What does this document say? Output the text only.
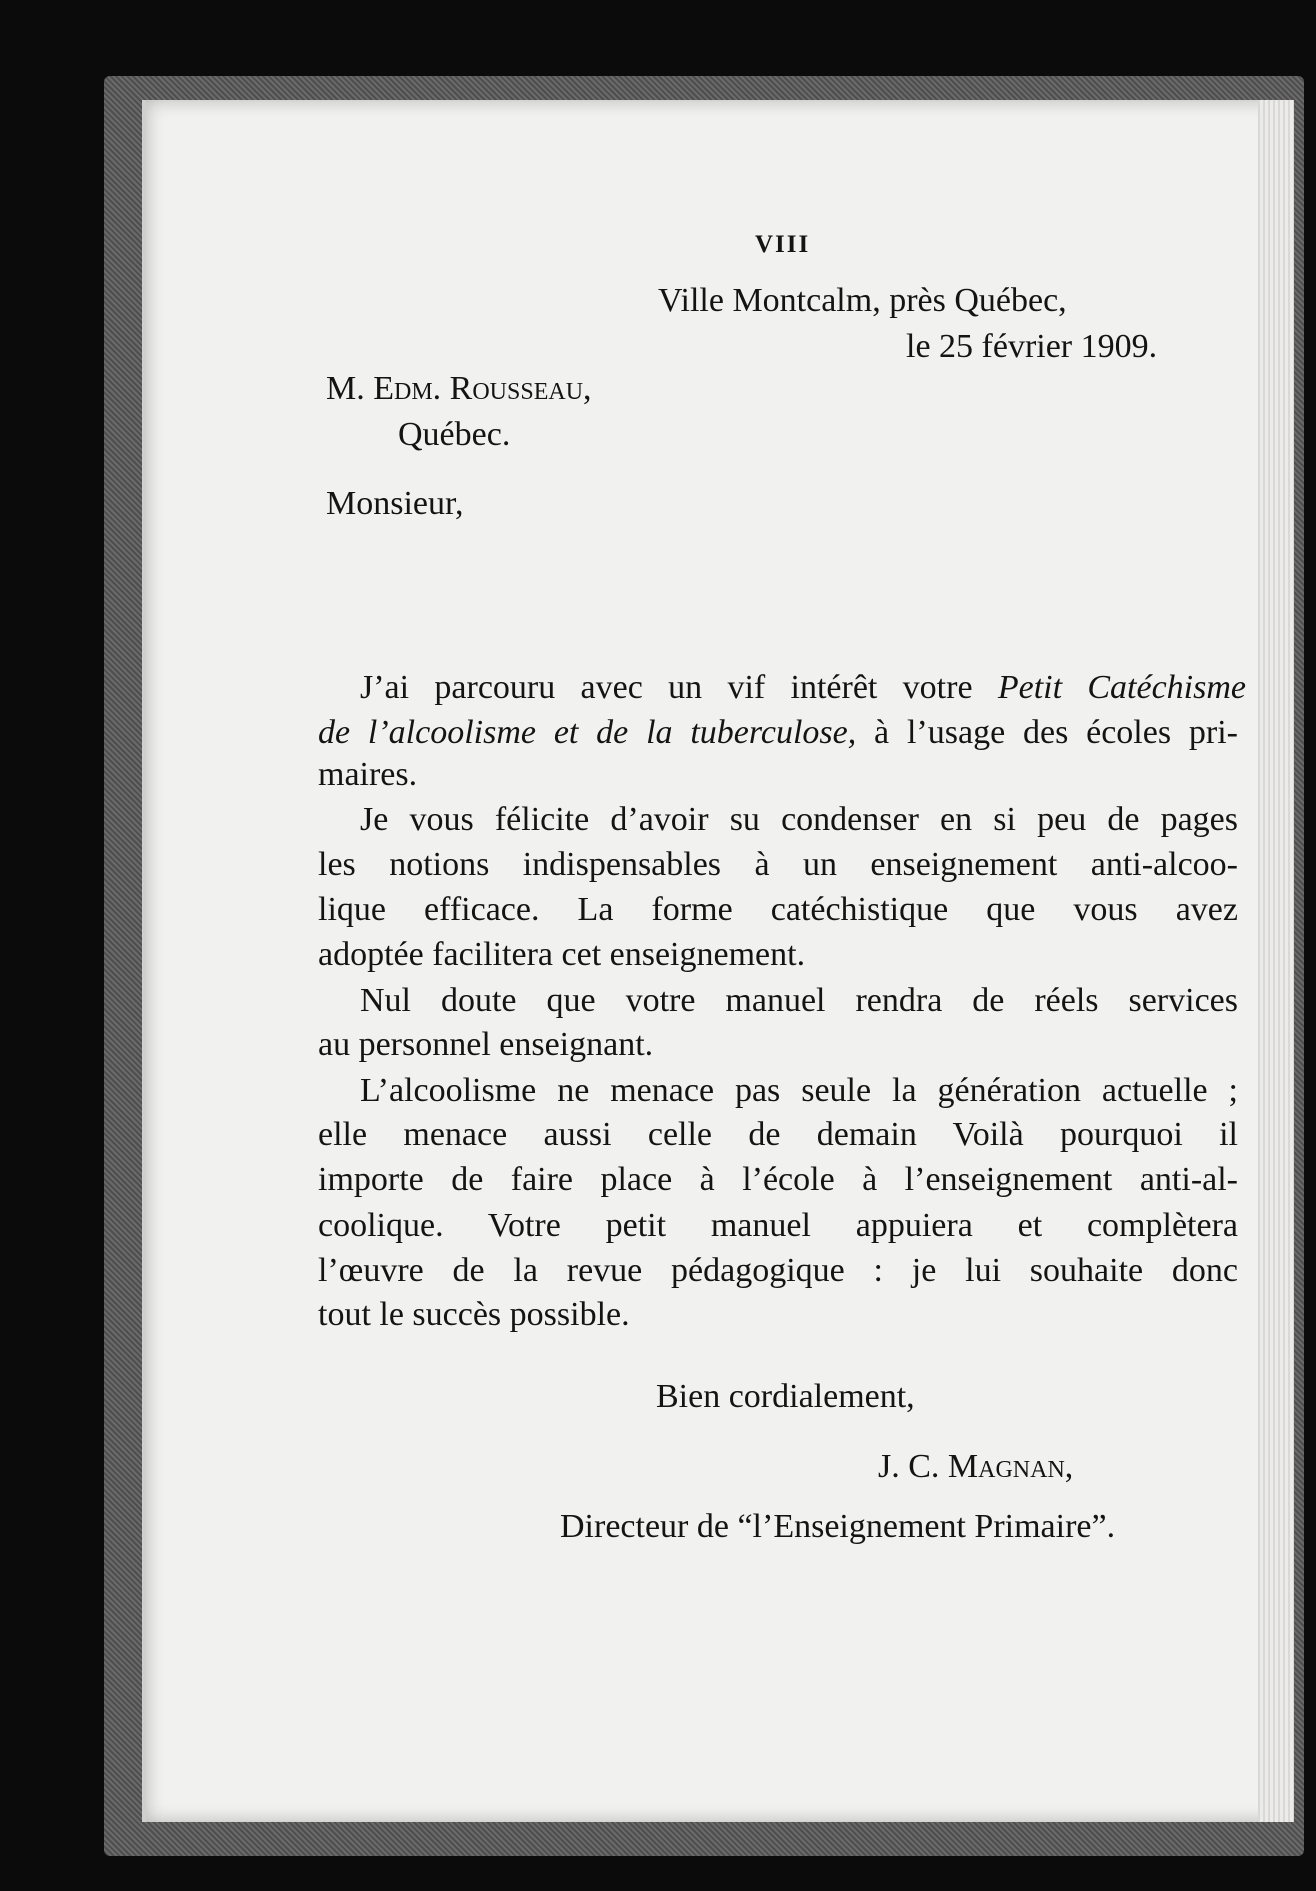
VIII
Ville Montcalm, près Québec,
le 25 février 1909.
M. Edm. Rousseau,
Québec.
Monsieur,
J’ai parcouru avec un vif intérêt votre Petit Catéchisme
de l’alcoolisme et de la tuberculose, à l’usage des écoles pri-
maires.
Je vous félicite d’avoir su condenser en si peu de pages
les notions indispensables à un enseignement anti-alcoo-
lique efficace. La forme catéchistique que vous avez
adoptée facilitera cet enseignement.
Nul doute que votre manuel rendra de réels services
au personnel enseignant.
L’alcoolisme ne menace pas seule la génération actuelle ;
elle menace aussi celle de demain Voilà pourquoi il
importe de faire place à l’école à l’enseignement anti-al-
coolique. Votre petit manuel appuiera et complètera
l’œuvre de la revue pédagogique : je lui souhaite donc
tout le succès possible.
Bien cordialement,
J. C. Magnan,
Directeur de “l’Enseignement Primaire”.
